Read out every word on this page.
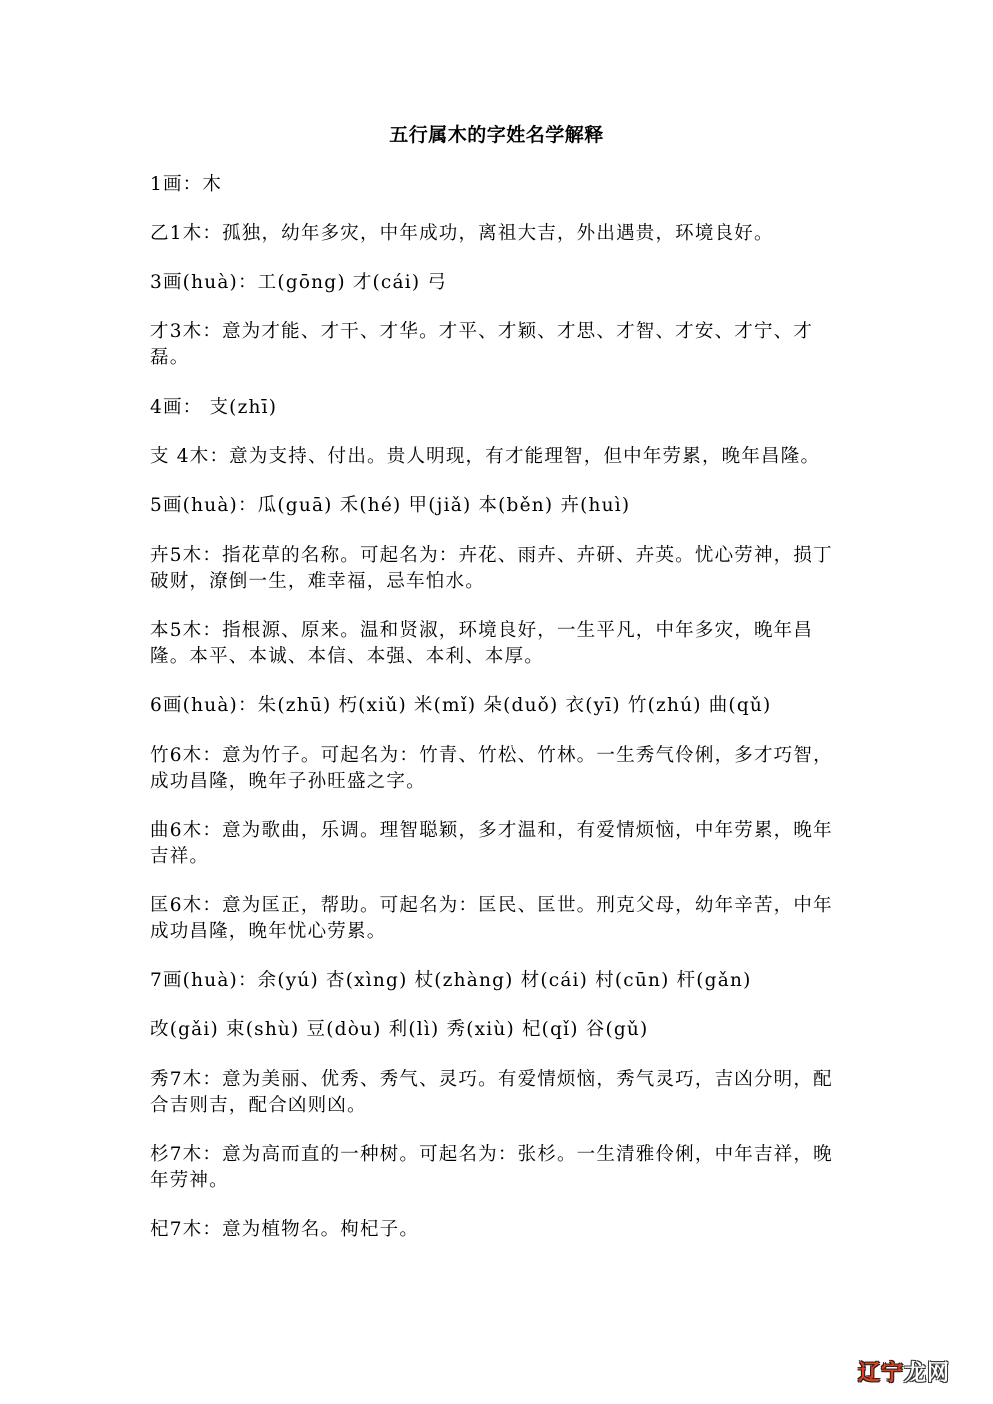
五行属木的字姓名学解释
1画：木
乙1木：孤独，幼年多灾，中年成功，离祖大吉，外出遇贵，环境良好。
3画(huà)：工(gōng) 才(cái) 弓
才3木：意为才能、才干、才华。才平、才颖、才思、才智、才安、才宁、才磊。
4画： 支(zhī)
支 4木：意为支持、付出。贵人明现，有才能理智，但中年劳累，晚年昌隆。
5画(huà)：瓜(guā) 禾(hé) 甲(jiǎ) 本(běn) 卉(huì)
卉5木：指花草的名称。可起名为：卉花、雨卉、卉研、卉英。忧心劳神，损丁破财，潦倒一生，难幸福，忌车怕水。
本5木：指根源、原来。温和贤淑，环境良好，一生平凡，中年多灾，晚年昌隆。本平、本诚、本信、本强、本利、本厚。
6画(huà)：朱(zhū) 朽(xiǔ) 米(mǐ) 朵(duǒ) 衣(yī) 竹(zhú) 曲(qǔ)
竹6木：意为竹子。可起名为：竹青、竹松、竹林。一生秀气伶俐，多才巧智，成功昌隆，晚年子孙旺盛之字。
曲6木：意为歌曲，乐调。理智聪颖，多才温和，有爱情烦恼，中年劳累，晚年吉祥。
匡6木：意为匡正，帮助。可起名为：匡民、匡世。刑克父母，幼年辛苦，中年成功昌隆，晚年忧心劳累。
7画(huà)：余(yú) 杏(xìng) 杖(zhàng) 材(cái) 村(cūn) 杆(gǎn)
改(gǎi) 束(shù) 豆(dòu) 利(lì) 秀(xiù) 杞(qǐ) 谷(gǔ)
秀7木：意为美丽、优秀、秀气、灵巧。有爱情烦恼，秀气灵巧，吉凶分明，配合吉则吉，配合凶则凶。
杉7木：意为高而直的一种树。可起名为：张杉。一生清雅伶俐，中年吉祥，晚年劳神。
杞7木：意为植物名。枸杞子。
辽宁龙网
